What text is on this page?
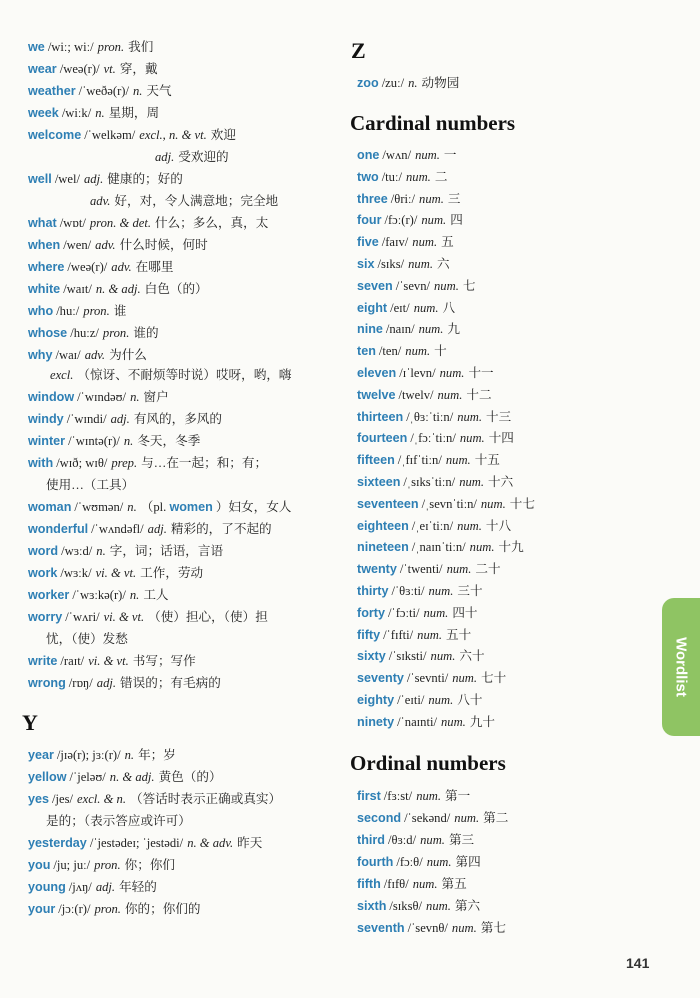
we /wiː; wiː/ pron. 我们
wear /weə(r)/ vt. 穿，戴
weather /ˈweðə(r)/ n. 天气
week /wiːk/ n. 星期，周
welcome /ˈwelkəm/ excl., n. & vt. 欢迎
adj. 受欢迎的
well /wel/ adj. 健康的；好的
adv. 好，对，令人满意地；完全地
what /wɒt/ pron. & det. 什么；多么，真，太
when /wen/ adv. 什么时候，何时
where /weə(r)/ adv. 在哪里
white /waɪt/ n. & adj. 白色（的）
who /huː/ pron. 谁
whose /huːz/ pron. 谁的
why /waɪ/ adv. 为什么
excl. （惊讶、不耐烦等时说）哎呀，哟，嗨
window /ˈwɪndəʊ/ n. 窗户
windy /ˈwɪndi/ adj. 有风的，多风的
winter /ˈwɪntə(r)/ n. 冬天，冬季
with /wɪð; wɪθ/ prep. 与…在一起；和；有；
使用…（工具）
woman /ˈwʊmən/ n. （pl. women ）妇女，女人
wonderful /ˈwʌndəfl/ adj. 精彩的，了不起的
word /wɜːd/ n. 字，词；话语，言语
work /wɜːk/ vi. & vt. 工作，劳动
worker /ˈwɜːkə(r)/ n. 工人
worry /ˈwʌri/ vi. & vt. （使）担心，（使）担
忧，（使）发愁
write /raɪt/ vi. & vt. 书写；写作
wrong /rɒŋ/ adj. 错误的；有毛病的
Y
year /jɪə(r); jɜː(r)/ n. 年；岁
yellow /ˈjeləʊ/ n. & adj. 黄色（的）
yes /jes/ excl. & n. （答话时表示正确或真实）
是的；（表示答应或许可）
yesterday /ˈjestədeɪ; ˈjestədi/ n. & adv. 昨天
you /ju; juː/ pron. 你；你们
young /jʌŋ/ adj. 年轻的
your /jɔː(r)/ pron. 你的；你们的
Z
zoo /zuː/ n. 动物园
Cardinal numbers
one /wʌn/ num. 一
two /tuː/ num. 二
three /θriː/ num. 三
four /fɔː(r)/ num. 四
five /faɪv/ num. 五
six /sɪks/ num. 六
seven /ˈsevn/ num. 七
eight /eɪt/ num. 八
nine /naɪn/ num. 九
ten /ten/ num. 十
eleven /ɪˈlevn/ num. 十一
twelve /twelv/ num. 十二
thirteen /ˌθɜːˈtiːn/ num. 十三
fourteen /ˌfɔːˈtiːn/ num. 十四
fifteen /ˌfɪfˈtiːn/ num. 十五
sixteen /ˌsɪksˈtiːn/ num. 十六
seventeen /ˌsevnˈtiːn/ num. 十七
eighteen /ˌeɪˈtiːn/ num. 十八
nineteen /ˌnaɪnˈtiːn/ num. 十九
twenty /ˈtwenti/ num. 二十
thirty /ˈθɜːti/ num. 三十
forty /ˈfɔːti/ num. 四十
fifty /ˈfɪfti/ num. 五十
sixty /ˈsɪksti/ num. 六十
seventy /ˈsevnti/ num. 七十
eighty /ˈeɪti/ num. 八十
ninety /ˈnaɪnti/ num. 九十
Ordinal numbers
first /fɜːst/ num. 第一
second /ˈsekənd/ num. 第二
third /θɜːd/ num. 第三
fourth /fɔːθ/ num. 第四
fifth /fɪfθ/ num. 第五
sixth /sɪksθ/ num. 第六
seventh /ˈsevnθ/ num. 第七
Wordlist
141
